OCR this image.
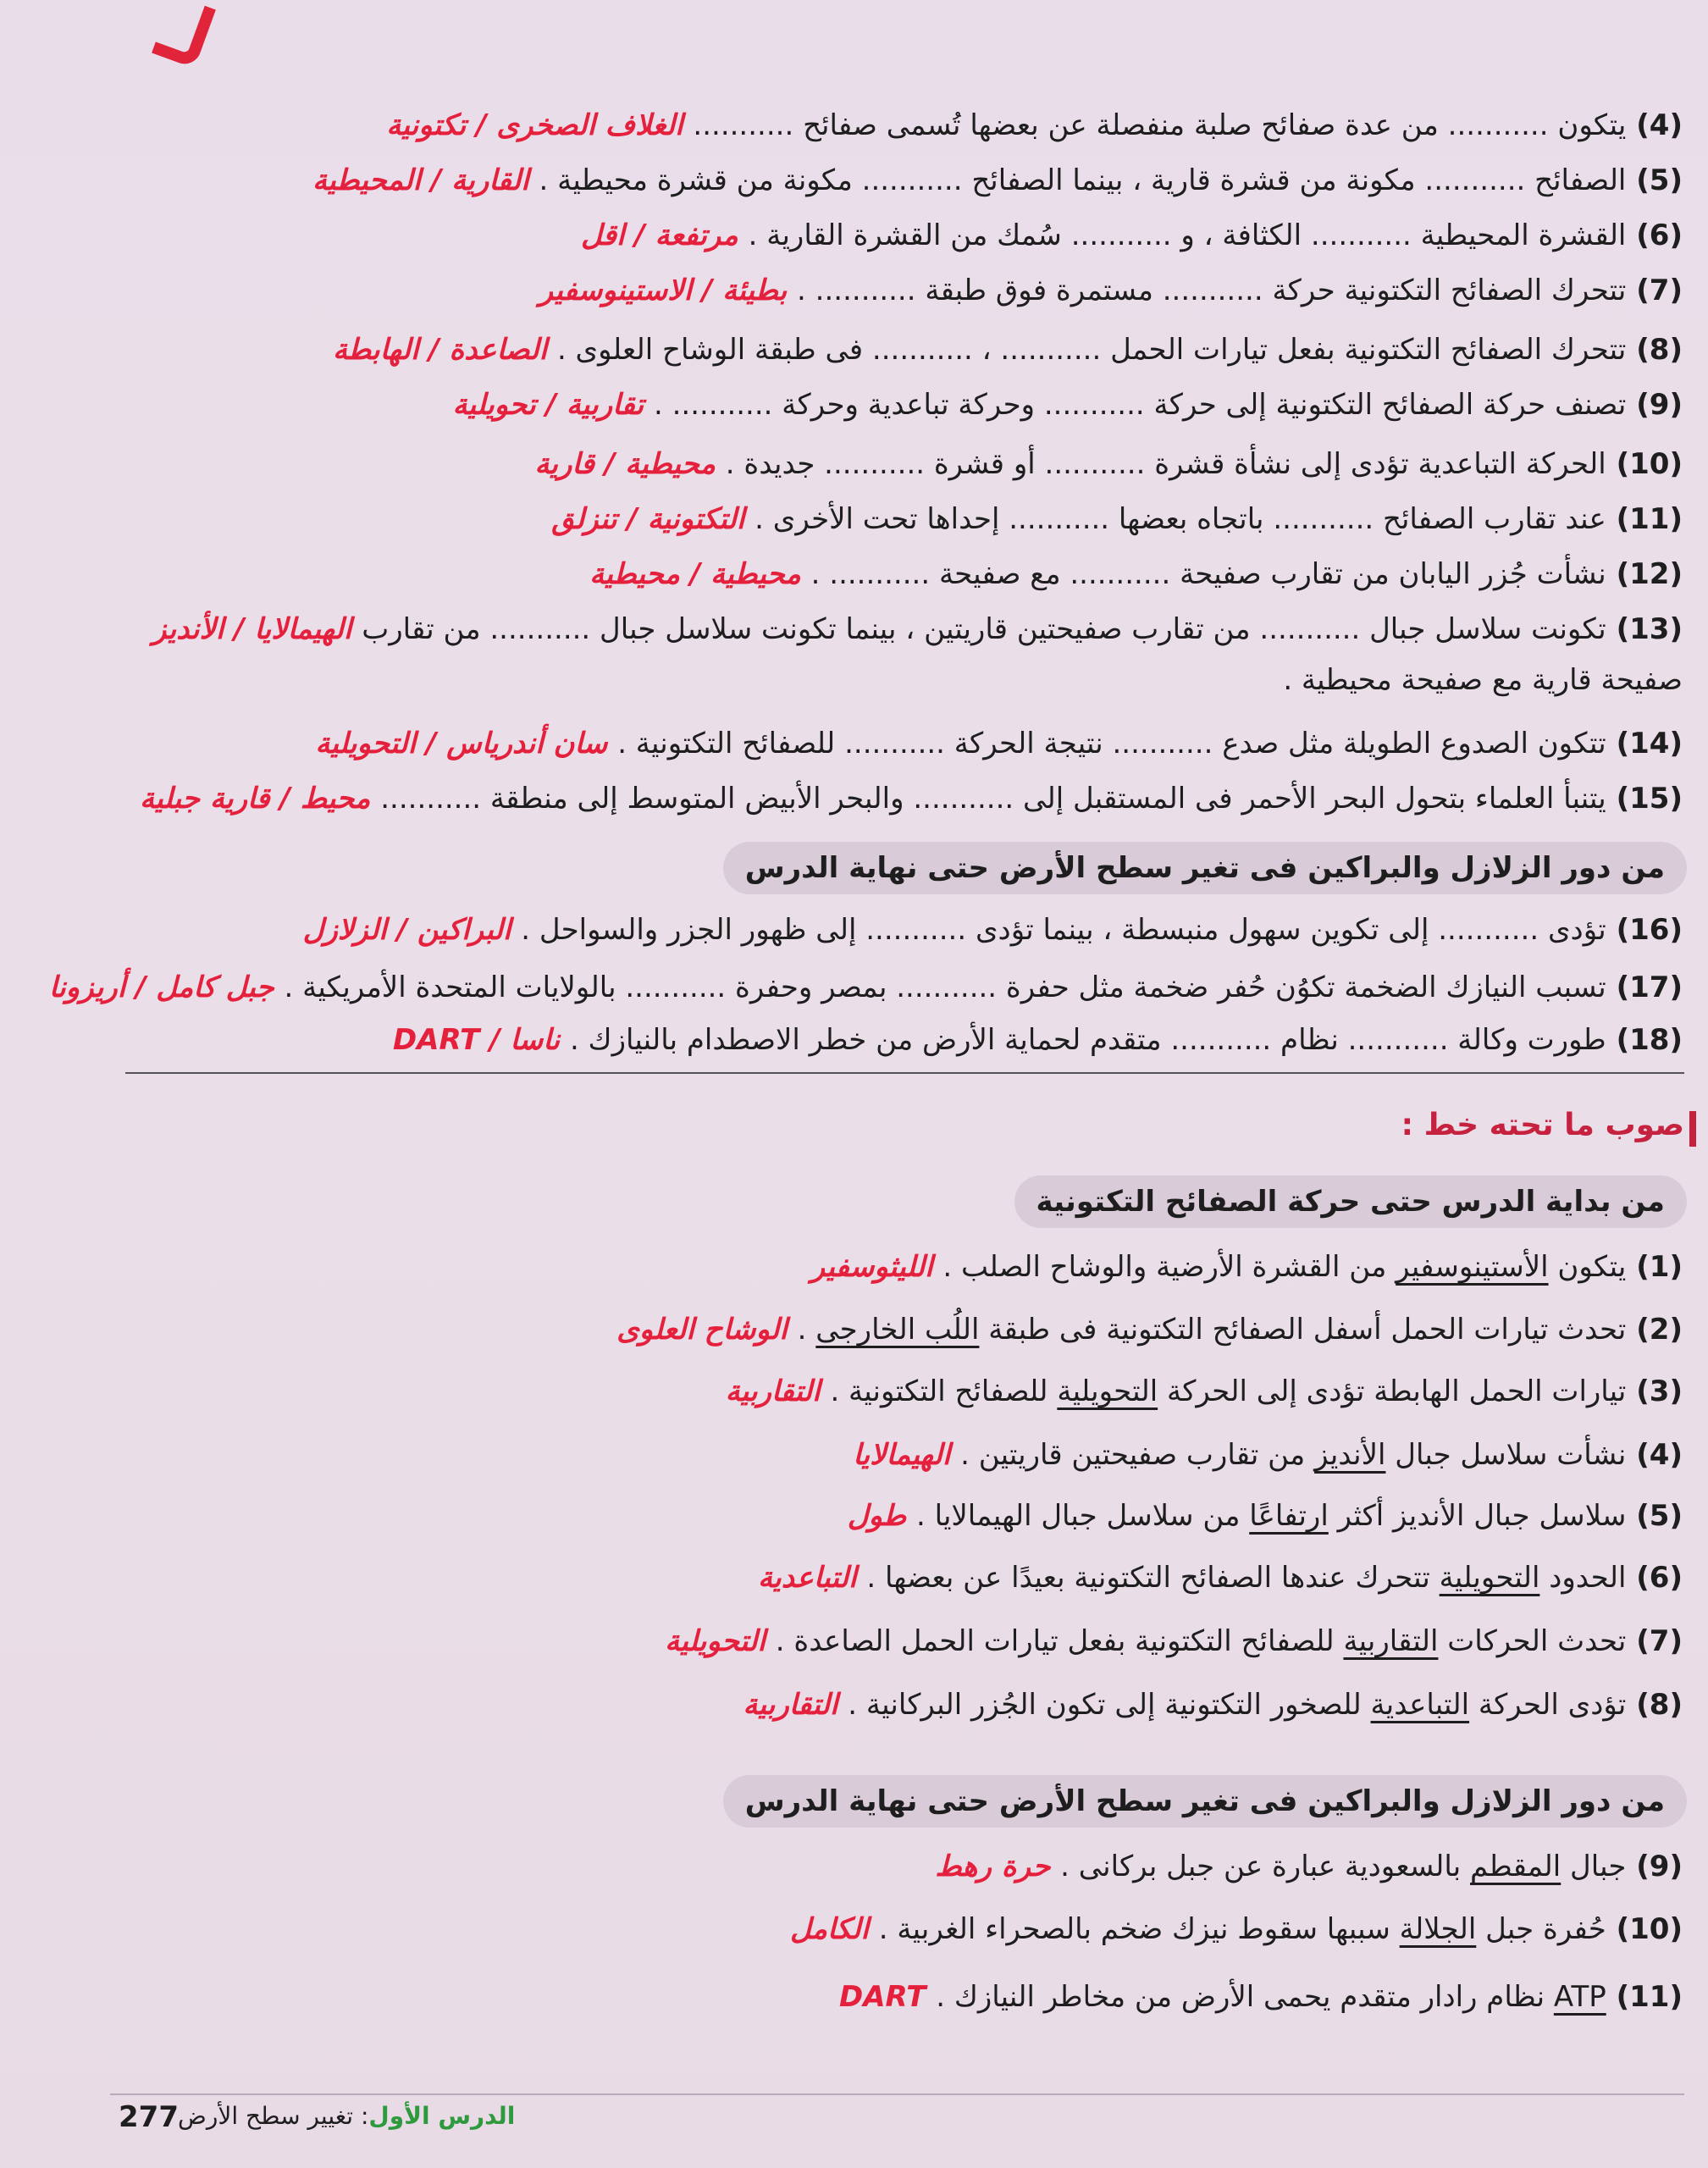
(4) يتكون ........... من عدة صفائح صلبة منفصلة عن بعضها تُسمى صفائح ........... الغلاف الصخرى / تكتونية
(5) الصفائح ........... مكونة من قشرة قارية ، بينما الصفائح ........... مكونة من قشرة محيطية . القارية / المحيطية
(6) القشرة المحيطية ........... الكثافة ، و ........... سُمك من القشرة القارية . مرتفعة / اقل
(7) تتحرك الصفائح التكتونية حركة ........... مستمرة فوق طبقة ........... . بطيئة / الاستينوسفير
(8) تتحرك الصفائح التكتونية بفعل تيارات الحمل ........... ، ........... فى طبقة الوشاح العلوى . الصاعدة / الهابطة
(9) تصنف حركة الصفائح التكتونية إلى حركة ........... وحركة تباعدية وحركة ........... . تقاربية / تحويلية
(10) الحركة التباعدية تؤدى إلى نشأة قشرة ........... أو قشرة ........... جديدة . محيطية / قارية
(11) عند تقارب الصفائح ........... باتجاه بعضها ........... إحداها تحت الأخرى . التكتونية / تنزلق
(12) نشأت جُزر اليابان من تقارب صفيحة ........... مع صفيحة ........... . محيطية / محيطية
(13) تكونت سلاسل جبال ........... من تقارب صفيحتين قاريتين ، بينما تكونت سلاسل جبال ........... من تقارب الهيمالايا / الأنديز
صفيحة قارية مع صفيحة محيطية .
(14) تتكون الصدوع الطويلة مثل صدع ........... نتيجة الحركة ........... للصفائح التكتونية . سان أندرياس / التحويلية
(15) يتنبأ العلماء بتحول البحر الأحمر فى المستقبل إلى ........... والبحر الأبيض المتوسط إلى منطقة ........... محيط / قارية جبلية
من دور الزلازل والبراكين فى تغير سطح الأرض حتى نهاية الدرس
(16) تؤدى ........... إلى تكوين سهول منبسطة ، بينما تؤدى ........... إلى ظهور الجزر والسواحل . البراكين / الزلازل
(17) تسبب النيازك الضخمة تكوُن حُفر ضخمة مثل حفرة ........... بمصر وحفرة ........... بالولايات المتحدة الأمريكية . جبل كامل / أريزونا
(18) طورت وكالة ........... نظام ........... متقدم لحماية الأرض من خطر الاصطدام بالنيازك . ناسا / DART
صوب ما تحته خط :
من بداية الدرس حتى حركة الصفائح التكتونية
(1) يتكون الأستينوسفير من القشرة الأرضية والوشاح الصلب . الليثوسفير
(2) تحدث تيارات الحمل أسفل الصفائح التكتونية فى طبقة اللُب الخارجى . الوشاح العلوى
(3) تيارات الحمل الهابطة تؤدى إلى الحركة التحويلية للصفائح التكتونية . التقاربية
(4) نشأت سلاسل جبال الأنديز من تقارب صفيحتين قاريتين . الهيمالايا
(5) سلاسل جبال الأنديز أكثر ارتفاعًا من سلاسل جبال الهيمالايا . طول
(6) الحدود التحويلية تتحرك عندها الصفائح التكتونية بعيدًا عن بعضها . التباعدية
(7) تحدث الحركات التقاربية للصفائح التكتونية بفعل تيارات الحمل الصاعدة . التحويلية
(8) تؤدى الحركة التباعدية للصخور التكتونية إلى تكون الجُزر البركانية . التقاربية
من دور الزلازل والبراكين فى تغير سطح الأرض حتى نهاية الدرس
(9) جبال المقطم بالسعودية عبارة عن جبل بركانى . حرة رهط
(10) حُفرة جبل الجلالة سببها سقوط نيزك ضخم بالصحراء الغربية . الكامل
(11) ATP نظام رادار متقدم يحمى الأرض من مخاطر النيازك . DART
277	الدرس الأول: تغيير سطح الأرض
